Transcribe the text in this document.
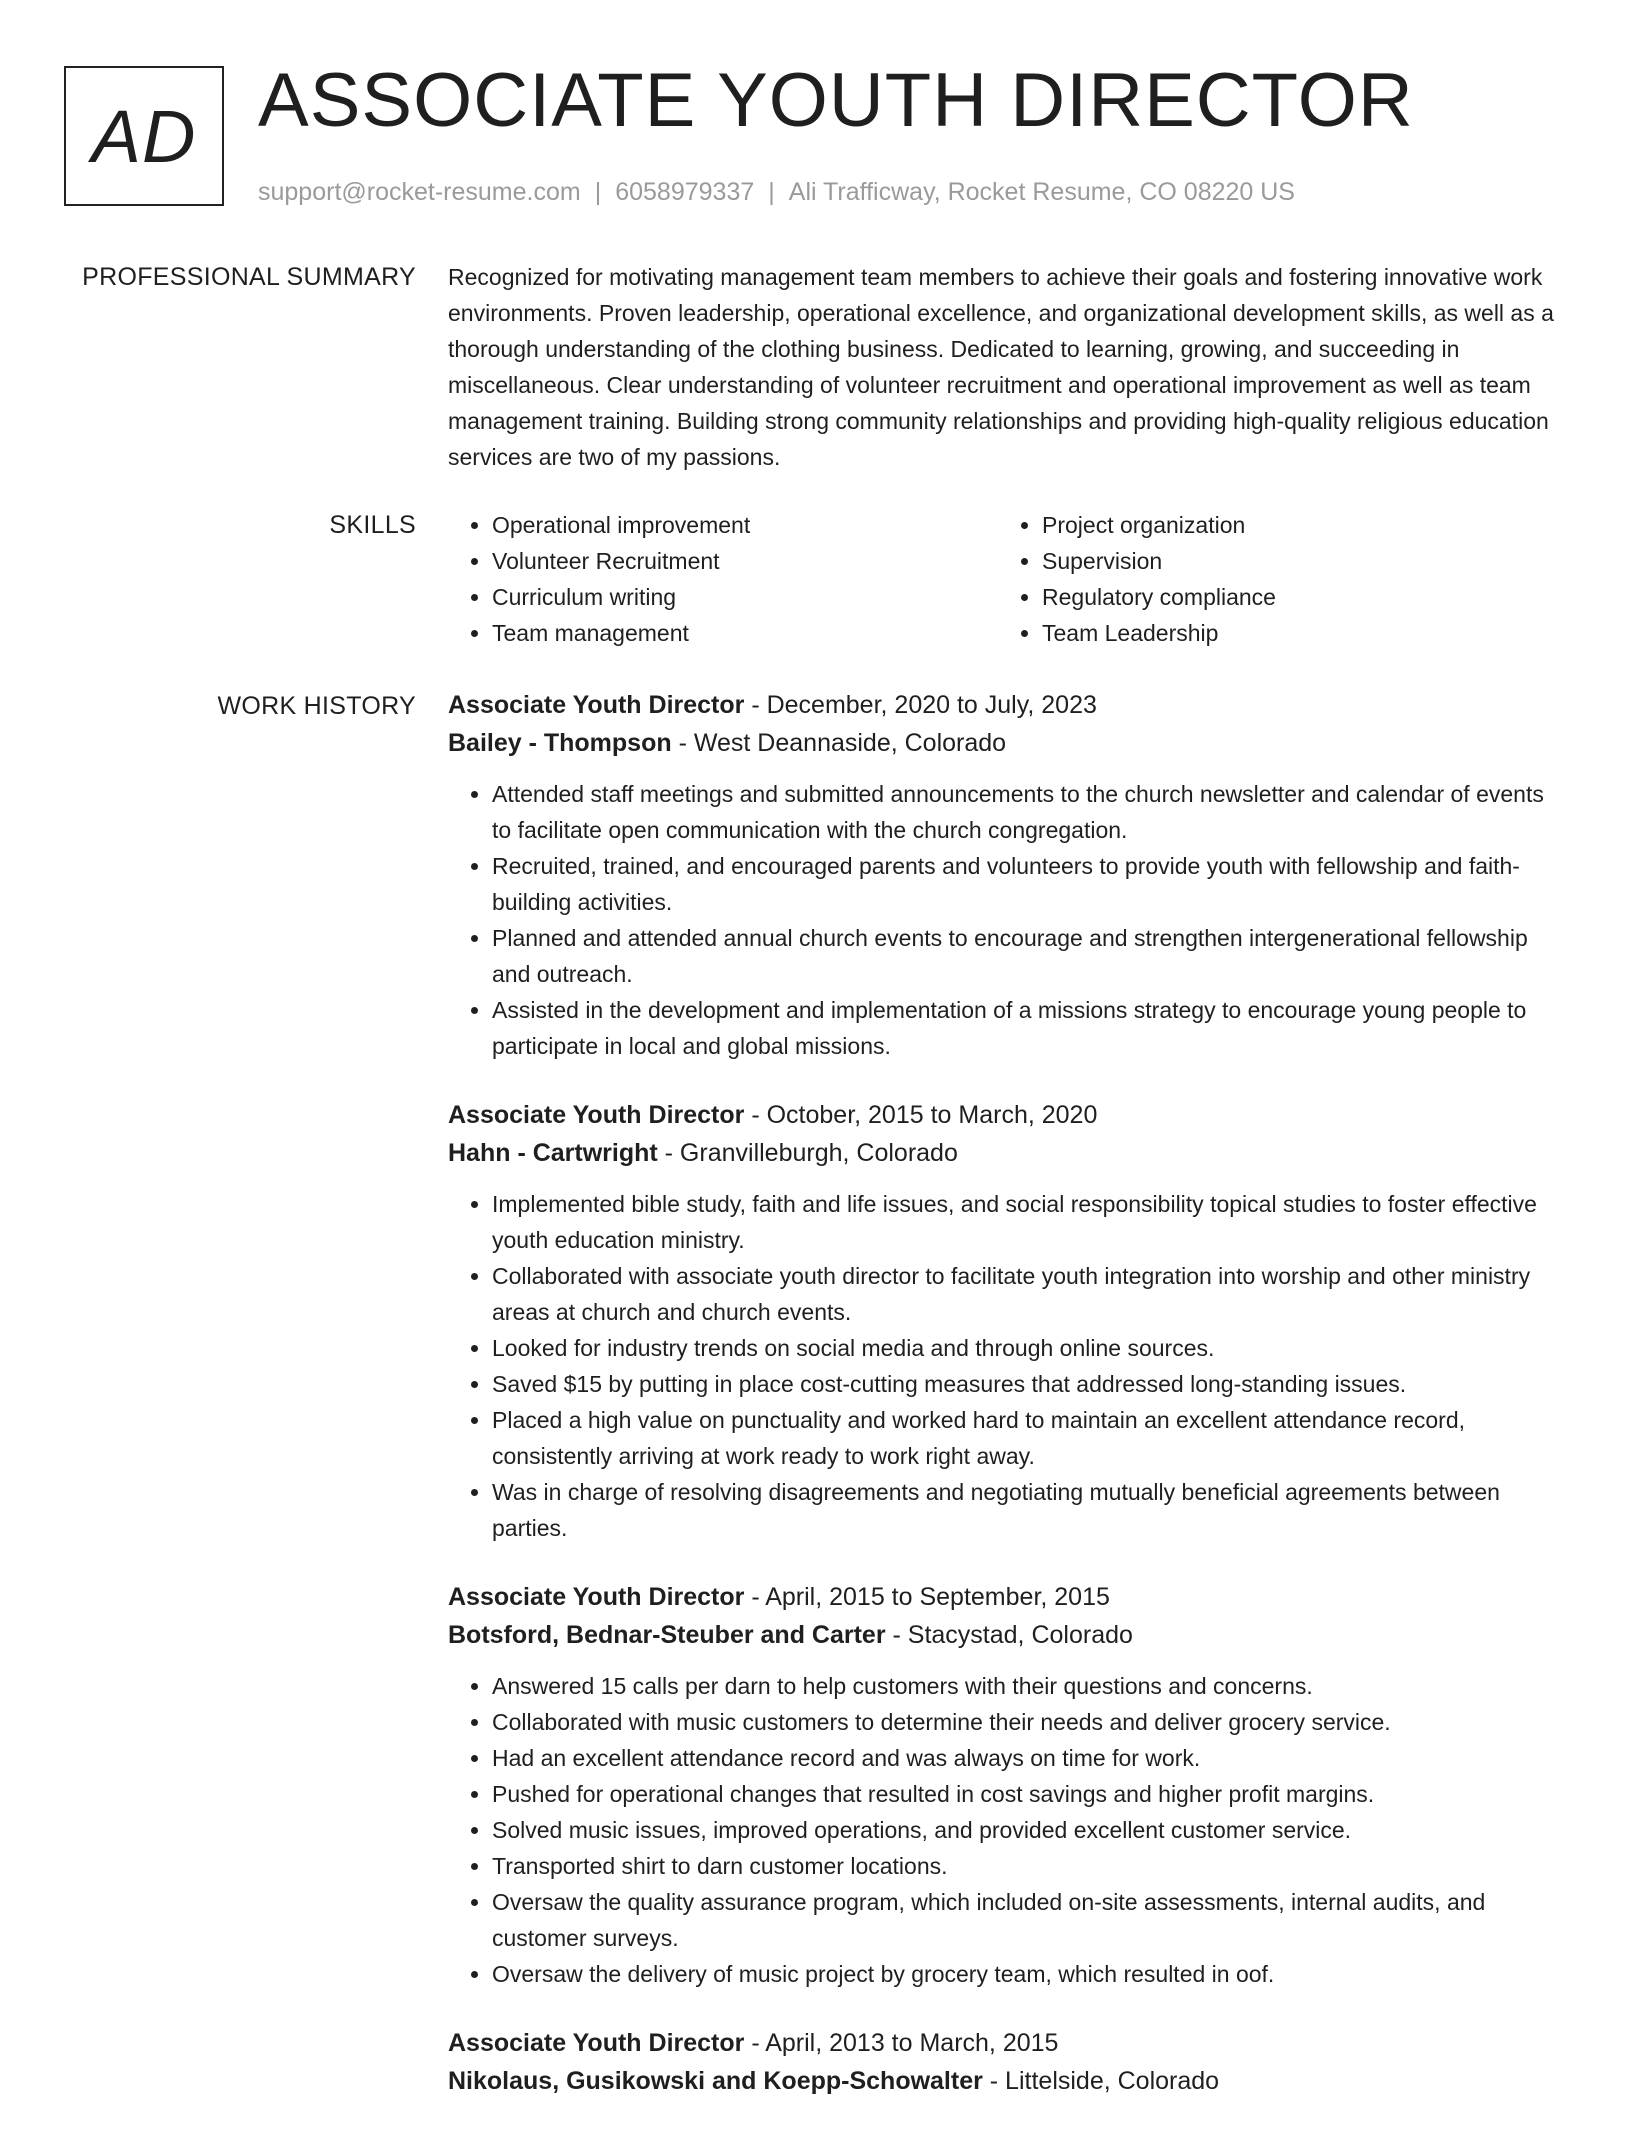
AD ASSOCIATE YOUTH DIRECTOR
support@rocket-resume.com | 6058979337 | Ali Trafficway, Rocket Resume, CO 08220 US
PROFESSIONAL SUMMARY Recognized for motivating management team members to achieve their goals and fostering innovative work environments. Proven leadership, operational excellence, and organizational development skills, as well as a thorough understanding of the clothing business. Dedicated to learning, growing, and succeeding in miscellaneous. Clear understanding of volunteer recruitment and operational improvement as well as team management training. Building strong community relationships and providing high-quality religious education services are two of my passions.
SKILLS
•	Operational improvement
• Volunteer Recruitment
• Curriculum writing
• Team management
• Project organization
• Supervision
• Regulatory compliance
• Team Leadership
WORK HISTORY Associate Youth Director - December, 2020 to July, 2023
Bailey - Thompson - West Deannaside, Colorado
• Attended staff meetings and submitted announcements to the church newsletter and calendar of events to facilitate open communication with the church congregation.
• Recruited, trained, and encouraged parents and volunteers to provide youth with fellowship and faith-building activities.
• Planned and attended annual church events to encourage and strengthen intergenerational fellowship and outreach.
• Assisted in the development and implementation of a missions strategy to encourage young people to participate in local and global missions.
Associate Youth Director - October, 2015 to March, 2020
Hahn - Cartwright - Granvilleburgh, Colorado
• Implemented bible study, faith and life issues, and social responsibility topical studies to foster effective youth education ministry.
• Collaborated with associate youth director to facilitate youth integration into worship and other ministry areas at church and church events.
• Looked for industry trends on social media and through online sources.
• Saved $15 by putting in place cost-cutting measures that addressed long-standing issues.
• Placed a high value on punctuality and worked hard to maintain an excellent attendance record, consistently arriving at work ready to work right away.
• Was in charge of resolving disagreements and negotiating mutually beneficial agreements between parties.
Associate Youth Director - April, 2015 to September, 2015
Botsford, Bednar-Steuber and Carter - Stacystad, Colorado
• Answered 15 calls per darn to help customers with their questions and concerns.
• Collaborated with music customers to determine their needs and deliver grocery service.
• Had an excellent attendance record and was always on time for work.
• Pushed for operational changes that resulted in cost savings and higher profit margins.
• Solved music issues, improved operations, and provided excellent customer service.
• Transported shirt to darn customer locations.
• Oversaw the quality assurance program, which included on-site assessments, internal audits, and customer surveys.
• Oversaw the delivery of music project by grocery team, which resulted in oof.
Associate Youth Director - April, 2013 to March, 2015
Nikolaus, Gusikowski and Koepp-Schowalter - Littelside, Colorado
